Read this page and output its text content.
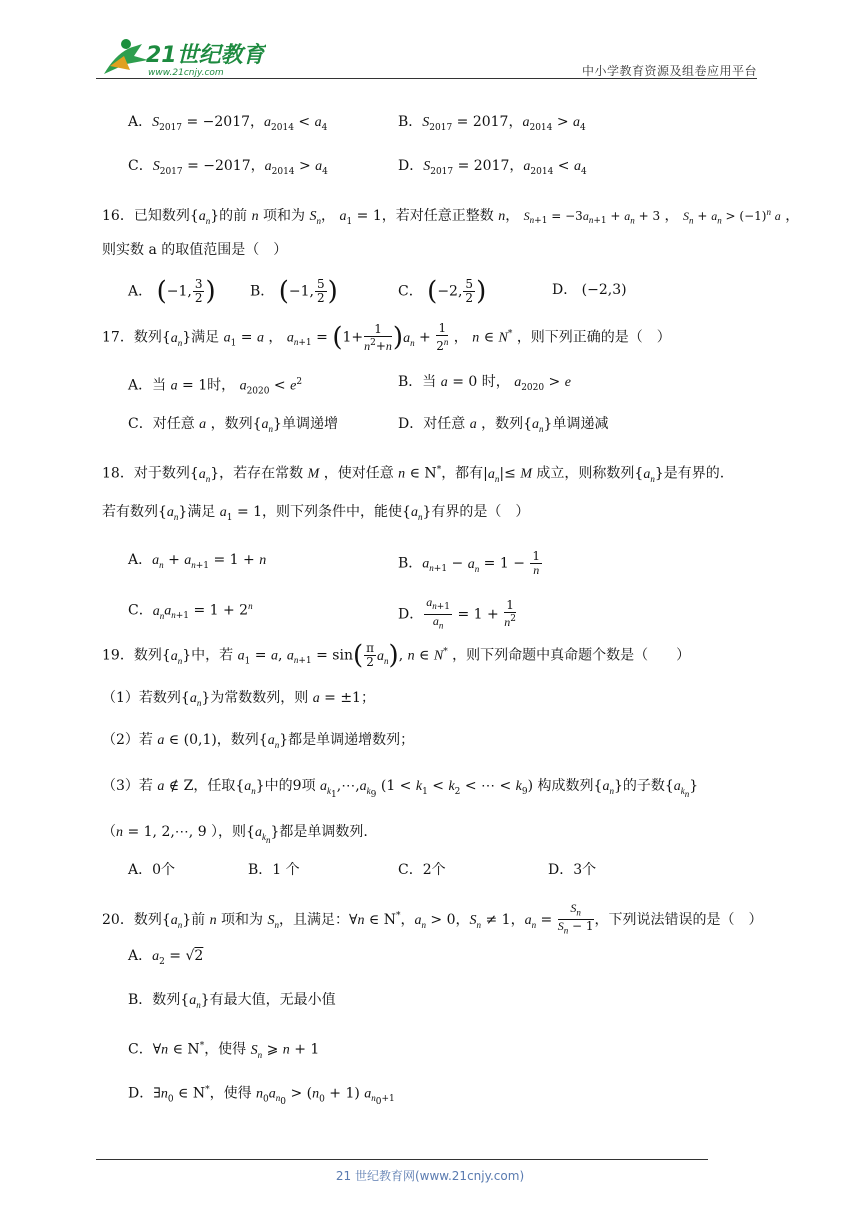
21世纪教育
www.21cnjy.com	中小学教育资源及组卷应用平台
A．$S_{2017} = -2017$，$a_{2014} < a_4$	B．$S_{2017} = 2017$，$a_{2014} > a_4$
C．$S_{2017} = -2017$，$a_{2014} > a_4$	D．$S_{2017} = 2017$，$a_{2014} < a_4$
16．已知数列$\{a_n\}$的前 n 项和为 $S_n$， $a_1 = 1$，若对任意正整数 n， $S_{n+1} = -3a_{n+1} + a_n + 3$ ， $S_n + a_n > (-1)^n$ a ，
则实数 a 的取值范围是（　）
A． (−1, $\frac{3}{2}$ ) B． (−1, $\frac{5}{2}$ )	C． (−2, $\frac{5}{2}$ )	D． (−2,3)
17．数列$\{a_n\}$满足 $a_1 = a$ ， $a_{n+1} = (1+ \frac{1}{n^2+n} )a_n + \frac{1}{2^n}$ ， n ∈ N* ，则下列正确的是（　）
A．当 a = 1时， $a_{2020} < e^2$	B．当 a = 0 时， $a_{2020} > e$
C．对任意 a ，数列$\{a_n\}$单调递增	D．对任意 a ，数列$\{a_n\}$单调递减
18．对于数列$\{a_n\}$，若存在常数 M ，使对任意 n ∈ N*，都有$|a_n|\le M$ 成立，则称数列$\{a_n\}$是有界的.
若有数列$\{a_n\}$满足 $a_1 = 1$，则下列条件中，能使$\{a_n\}$有界的是（　）
A．$a_n + a_{n+1} = 1 + n$	B．$a_{n+1} - a_n = 1 - \frac{1}{n}$
C．$a_na_{n+1} = 1 + 2^n$
D． $\frac{a_{n+1}}{a_n} = 1 + \frac{1}{n^2}$
19．数列$\{a_n\}$中，若 $a_1 = a$, $a_{n+1} = \sin( \frac{\pi}{2} a_n)$, n ∈ N* ，则下列命题中真命题个数是（　　）
（1）若数列$\{a_n\}$为常数数列，则 a = ±1；
（2）若 a ∈ (0,1)，数列$\{a_n\}$都是单调递增数列；
（3）若 a ∉ Z，任取$\{a_n\}$中的9项 $a_{k_1},\cdots,a_{k_9}$ ($1 < k_1 < k_2$ < ⋯ < $k_9$) 构成数列$\{a_n\}$的子数$\{a_{k_n}\}$
（n = 1, 2,⋯, 9 ），则$\{a_{k_n}\}$都是单调数列.
A．0个	B．1 个	C．2个	D．3个
20．数列$\{a_n\}$前 n 项和为 $S_n$，且满足：∀n ∈ N*，$a_n > 0$，$S_n \ne 1$，$a_n = \frac{S_n}{S_n - 1}$ ，下列说法错误的是（　）
A．$a_2 = √2$
B．数列$\{a_n\}$有最大值，无最小值
C．∀n ∈ N*，使得 $S_n$ ⩾ n + 1
D．$\exists n_0$ ∈ N*，使得 $n_0a_{n_0} > (n_0 + 1)$ $a_{n_0+1}$
21 世纪教育网(www.21cnjy.com)
